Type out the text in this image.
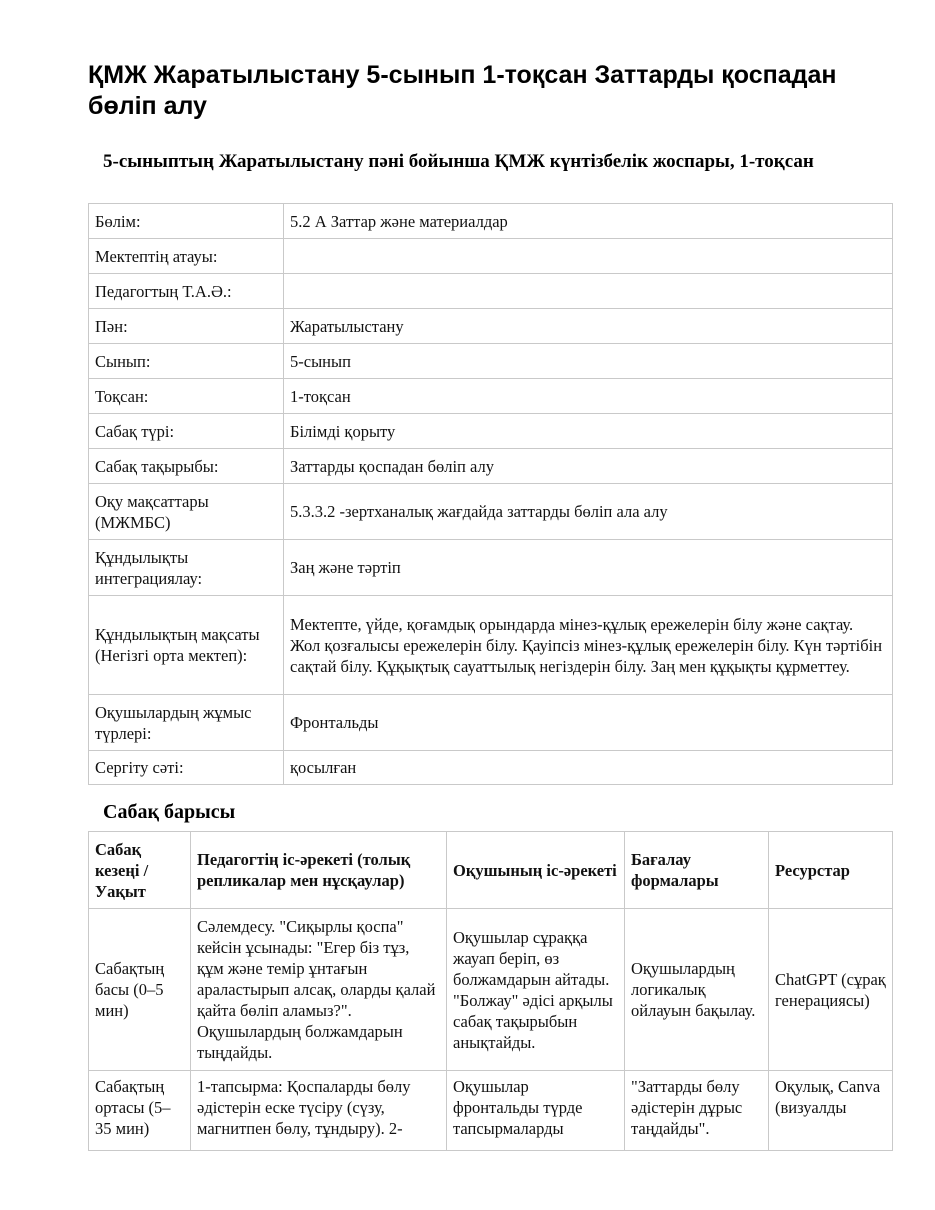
ҚМЖ Жаратылыстану 5-сынып 1-тоқсан Заттарды қоспадан бөліп алу
5-сыныптың Жаратылыстану пәні бойынша ҚМЖ күнтізбелік жоспары, 1-тоқсан
Бөлім:	5.2 А Заттар және материалдар
Мектептің атауы:	
Педагогтың Т.А.Ә.:	
Пән:	Жаратылыстану
Сынып:	5-сынып
Тоқсан:	1-тоқсан
Сабақ түрі:	Білімді қорыту
Сабақ тақырыбы:	Заттарды қоспадан бөліп алу
Оқу мақсаттары (МЖМБС)	5.3.3.2 -зертханалық жағдайда заттарды бөліп ала алу
Құндылықты интеграциялау:	Заң және тәртіп
Құндылықтың мақсаты (Негізгі орта мектеп):	Мектепте, үйде, қоғамдық орындарда мінез-құлық ережелерін білу және сақтау. Жол қозғалысы ережелерін білу. Қауіпсіз мінез-құлық ережелерін білу. Күн тәртібін сақтай білу. Құқықтық сауаттылық негіздерін білу. Заң мен құқықты құрметтеу.
Оқушылардың жұмыс түрлері:	Фронтальды
Сергіту сәті:	қосылған
Сабақ барысы
Сабақ кезеңі / Уақыт	Педагогтің іс-әрекеті (толық репликалар мен нұсқаулар)	Оқушының іс-әрекеті	Бағалау формалары	Ресурстар
Сабақтың басы (0–5 мин)	Сәлемдесу. "Сиқырлы қоспа" кейсін ұсынады: "Егер біз тұз, құм және темір ұнтағын араластырып алсақ, оларды қалай қайта бөліп аламыз?". Оқушылардың болжамдарын тыңдайды.	Оқушылар сұраққа жауап беріп, өз болжамдарын айтады. "Болжау" әдісі арқылы сабақ тақырыбын анықтайды.	Оқушылардың логикалық ойлауын бақылау.	ChatGPT (сұрақ генерациясы)

Сабақтың ортасы (5–35 мин)	1-тапсырма: Қоспаларды бөлу әдістерін еске түсіру (сүзу, магнитпен бөлу, тұндыру). 2-	Оқушылар фронтальды түрде тапсырмаларды	"Заттарды бөлу әдістерін дұрыс таңдайды".	Оқулық, Canva (визуалды
